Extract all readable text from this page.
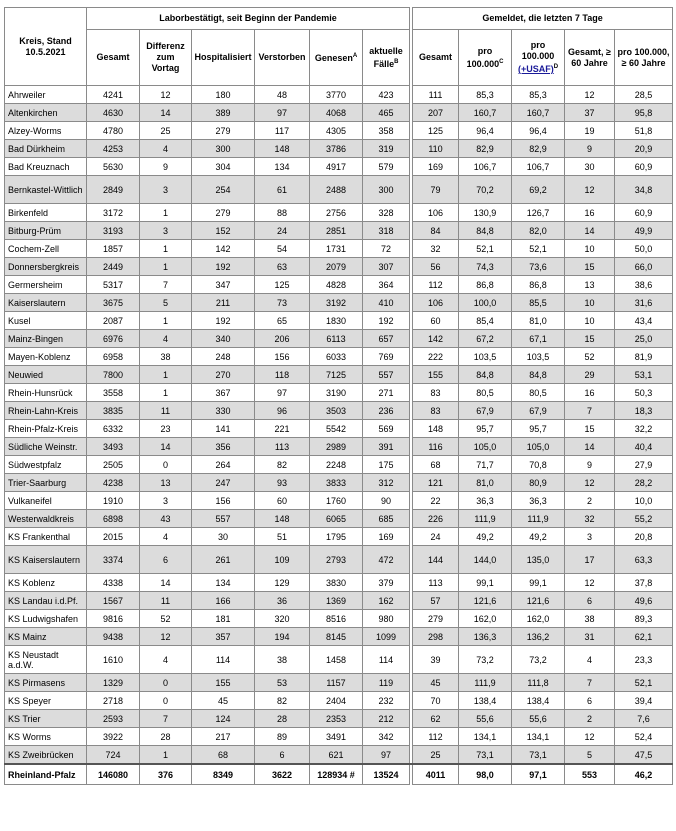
Kreis, Stand 10.5.2021	Laborbestätigt, seit Beginn der Pandemie							Gemeldet, die letzten 7 Tage				
	Gesamt	Differenz zum Vortag	Hospitalisiert	Verstorben	Genesen$^A$	aktuelle Fälle$^B$		Gesamt	pro $100.000^C$	pro 100.000
(+USAF)$^D$	Gesamt, ≥ 60 Jahre	pro 100.000, ≥ 60 Jahre
Ahrweiler	4241	12	180	48	3770	423		111	85,3	85,3	12	28,5
Altenkirchen	4630	14	389	97	4068	465		207	160,7	160,7	37	95,8
Alzey-Worms	4780	25	279	117	4305	358		125	96,4	96,4	19	51,8
Bad Dürkheim	4253	4	300	148	3786	319		110	82,9	82,9	9	20,9
Bad Kreuznach	5630	9	304	134	4917	579		169	106,7	106,7	30	60,9
Bernkastel-Wittlich	2849	3	254	61	2488	300		79	70,2	69,2	12	34,8
Birkenfeld	3172	1	279	88	2756	328		106	130,9	126,7	16	60,9
Bitburg-Prüm	3193	3	152	24	2851	318		84	84,8	82,0	14	49,9
Cochem-Zell	1857	1	142	54	1731	72		32	52,1	52,1	10	50,0
Donnersbergkreis	2449	1	192	63	2079	307		56	74,3	73,6	15	66,0
Germersheim	5317	7	347	125	4828	364		112	86,8	86,8	13	38,6
Kaiserslautern	3675	5	211	73	3192	410		106	100,0	85,5	10	31,6
Kusel	2087	1	192	65	1830	192		60	85,4	81,0	10	43,4
Mainz-Bingen	6976	4	340	206	6113	657		142	67,2	67,1	15	25,0
Mayen-Koblenz	6958	38	248	156	6033	769		222	103,5	103,5	52	81,9
Neuwied	7800	1	270	118	7125	557		155	84,8	84,8	29	53,1
Rhein-Hunsrück	3558	1	367	97	3190	271		83	80,5	80,5	16	50,3
Rhein-Lahn-Kreis	3835	11	330	96	3503	236		83	67,9	67,9	7	18,3
Rhein-Pfalz-Kreis	6332	23	141	221	5542	569		148	95,7	95,7	15	32,2
Südliche Weinstr.	3493	14	356	113	2989	391		116	105,0	105,0	14	40,4
Südwestpfalz	2505	0	264	82	2248	175		68	71,7	70,8	9	27,9
Trier-Saarburg	4238	13	247	93	3833	312		121	81,0	80,9	12	28,2
Vulkaneifel	1910	3	156	60	1760	90		22	36,3	36,3	2	10,0
Westerwaldkreis	6898	43	557	148	6065	685		226	111,9	111,9	32	55,2
KS Frankenthal	2015	4	30	51	1795	169		24	49,2	49,2	3	20,8
KS Kaiserslautern	3374	6	261	109	2793	472		144	144,0	135,0	17	63,3
KS Koblenz	4338	14	134	129	3830	379		113	99,1	99,1	12	37,8
KS Landau i.d.Pf.	1567	11	166	36	1369	162		57	121,6	121,6	6	49,6
KS Ludwigshafen	9816	52	181	320	8516	980		279	162,0	162,0	38	89,3
KS Mainz	9438	12	357	194	8145	1099		298	136,3	136,2	31	62,1
KS Neustadt a.d.W.	1610	4	114	38	1458	114		39	73,2	73,2	4	23,3
KS Pirmasens	1329	0	155	53	1157	119		45	111,9	111,8	7	52,1
KS Speyer	2718	0	45	82	2404	232		70	138,4	138,4	6	39,4
KS Trier	2593	7	124	28	2353	212		62	55,6	55,6	2	7,6
KS Worms	3922	28	217	89	3491	342		112	134,1	134,1	12	52,4
KS Zweibrücken	724	1	68	6	621	97		25	73,1	73,1	5	47,5
Rheinland-Pfalz	146080	376	8349	3622	128934 #	13524		4011	98,0	97,1	553	46,2
